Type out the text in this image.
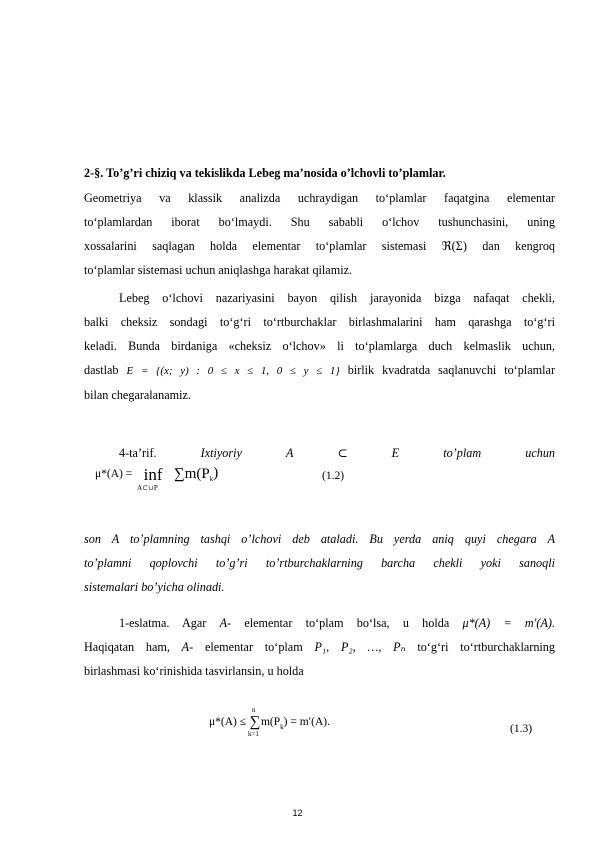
2-§. To’g’ri chiziq va tekislikda Lebeg ma’nosida o’lchovli to’plamlar.
Geometriya va klassik analizda uchraydigan to‘plamlar faqatgina elementar
to‘plamlardan iborat bo‘lmaydi. Shu sababli o‘lchov tushunchasini, uning
xossalarini saqlagan holda elementar to‘plamlar sistemasi ℜ(Σ) dan kengroq
to‘plamlar sistemasi uchun aniqlashga harakat qilamiz.
Lebeg o‘lchovi nazariyasini bayon qilish jarayonida bizga nafaqat chekli,
balki cheksiz sondagi to‘g‘ri to‘rtburchaklar birlashmalarini ham qarashga to‘g‘ri
keladi. Bunda birdaniga «cheksiz o‘lchov» li to‘plamlarga duch kelmaslik uchun,
dastlab E = {(x; y) : 0 ≤ x ≤ 1, 0 ≤ y ≤ 1} birlik kvadratda saqlanuvchi to‘plamlar
bilan chegaralanamiz.
4-ta’rif.	Ixtiyoriy	A ⊂ E	to’plam	uchun
μ*(A) = inf
A⊂∪P
$\sum m(P_k)$	(1.2)
son A to’plamning tashqi o’lchovi deb ataladi. Bu yerda aniq quyi chegara A
to’plamni qoplovchi to’g’ri to’rtburchaklarning barcha chekli yoki sanoqli
sistemalari bo’yicha olinadi.
1-eslatma. Agar A- elementar to‘plam bo‘lsa, u holda μ*(A) = m′(A).
Haqiqatan ham, A- elementar to‘plam P₁, P₂, …, Pₙ to‘g‘ri to‘rtburchaklarning
birlashmasi ko‘rinishida tasvirlansin, u holda
μ*(A) ≤
n
∑
k=1
$m(P_k) = m'(A)$.
(1.3)
12
